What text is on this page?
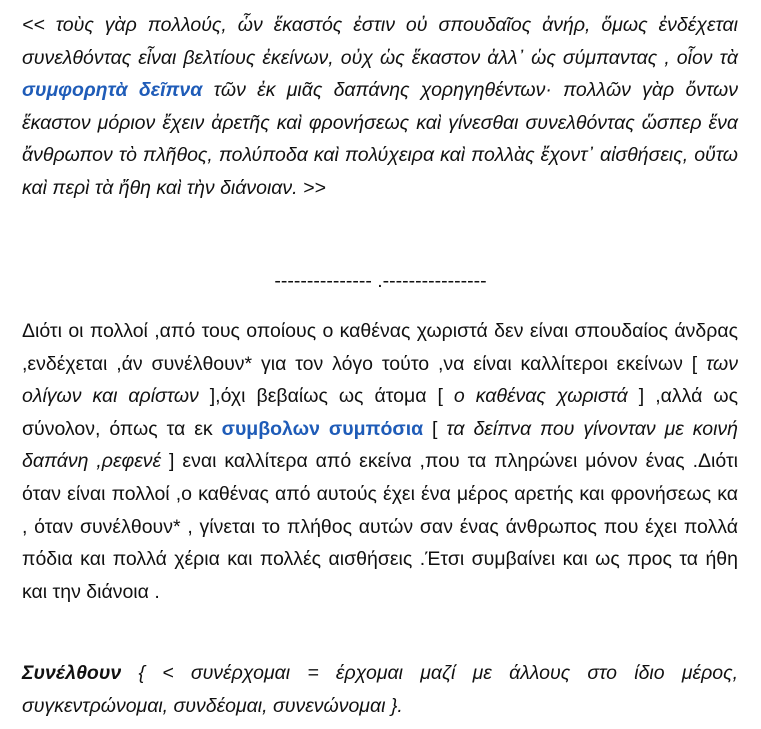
<< τοὺς γὰρ πολλούς, ὧν ἕκαστός ἐστιν οὐ σπουδαῖος ἀνήρ, ὅμως ἐνδέχεται συνελθόντας εἶναι βελτίους ἐκείνων, οὐχ ὡς ἕκαστον ἀλλ᾽ ὡς σύμπαντας , οἷον τὰ συμφορητὰ δεῖπνα τῶν ἐκ μιᾶς δαπάνης χορηγηθέντων· πολλῶν γὰρ ὄντων ἕκαστον μόριον ἔχειν ἀρετῆς καὶ φρονήσεως καὶ γίνεσθαι συνελθόντας ὥσπερ ἕνα ἄνθρωπον τὸ πλῆθος, πολύποδα καὶ πολύχειρα καὶ πολλὰς ἔχοντ᾽ αἰσθήσεις, οὕτω καὶ περὶ τὰ ἤθη καὶ τὴν διάνοιαν. >>

--------------- .----------------

Διότι οι πολλοί ,από τους οποίους ο καθένας χωριστά δεν είναι σπουδαίος άνδρας ,ενδέχεται ,άν συνέλθουν* για τον λόγο τούτο ,να είναι καλλίτεροι εκείνων [ των ολίγων και αρίστων ],όχι βεβαίως ως άτομα [ ο καθένας χωριστά ] ,αλλά ως σύνολον, όπως τα εκ συμβολων συμπόσια [ τα δείπνα που γίνονταν με κοινή δαπάνη ,ρεφενέ ] εναι καλλίτερα από εκείνα ,που τα πληρώνει μόνον ένας .Διότι όταν είναι πολλοί ,ο καθένας από αυτούς έχει ένα μέρος αρετής και φρονήσεως κα , όταν συνέλθουν* , γίνεται το πλήθος αυτών σαν ένας άνθρωπος που έχει πολλά πόδια και πολλά χέρια και πολλές αισθήσεις .Έτσι συμβαίνει και ως προς τα ήθη και την διάνοια .

Συνέλθουν { < συνέρχομαι = έρχομαι μαζί με άλλους στο ίδιο μέρος, συγκεντρώνομαι, συνδέομαι, συνενώνομαι }.
